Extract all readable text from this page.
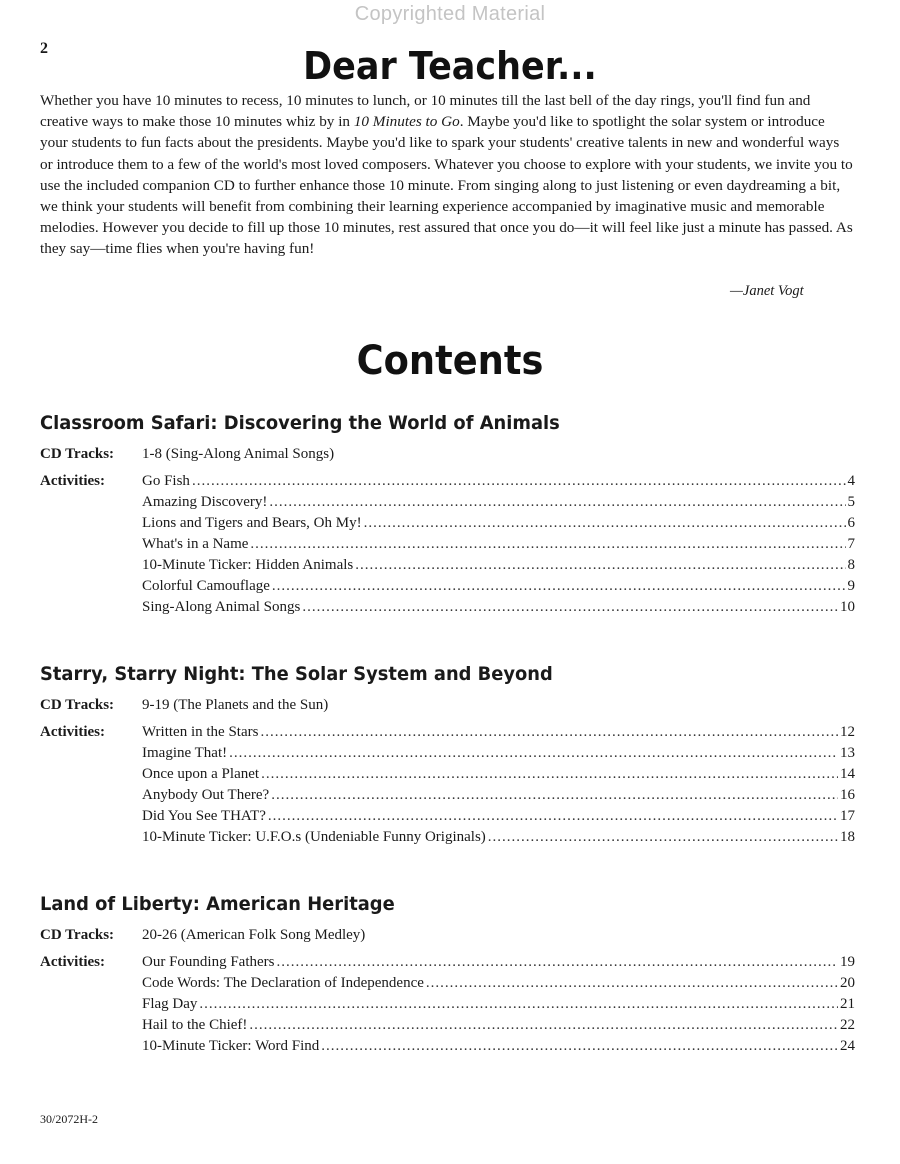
Copyrighted Material
2	Dear Teacher...

Whether you have 10 minutes to recess, 10 minutes to lunch, or 10 minutes till the last bell of the day rings, you'll find fun and creative ways to make those 10 minutes whiz by in 10 Minutes to Go. Maybe you'd like to spotlight the solar system or introduce your students to fun facts about the presidents. Maybe you'd like to spark your students' creative talents in new and wonderful ways or introduce them to a few of the world's most loved composers. Whatever you choose to explore with your students, we invite you to use the included companion CD to further enhance those 10 minute. From singing along to just listening or even daydreaming a bit, we think your students will benefit from combining their learning experience accompanied by imaginative music and memorable melodies. However you decide to fill up those 10 minutes, rest assured that once you do—it will feel like just a minute has passed. As they say—time flies when you're having fun!

—Janet Vogt
Contents
Classroom Safari: Discovering the World of Animals
CD Tracks: 1-8 (Sing-Along Animal Songs)
Activities: Go Fish .....	4
Amazing Discovery! .....	5
Lions and Tigers and Bears, Oh My! .....	6
What's in a Name .....	7
10-Minute Ticker: Hidden Animals .....	8
Colorful Camouflage .....	9
Sing-Along Animal Songs .....	10
Starry, Starry Night: The Solar System and Beyond
CD Tracks: 9-19 (The Planets and the Sun)
Activities: Written in the Stars .....	12
Imagine That! .....	13
Once upon a Planet .....	14
Anybody Out There? .....	16
Did You See THAT? .....	17
10-Minute Ticker: U.F.O.s (Undeniable Funny Originals) .....	18
Land of Liberty: American Heritage
CD Tracks: 20-26 (American Folk Song Medley)
Activities: Our Founding Fathers .....	19
Code Words: The Declaration of Independence .....	20
Flag Day .....	21
Hail to the Chief! .....	22
10-Minute Ticker: Word Find .....	24
30/2072H-2
